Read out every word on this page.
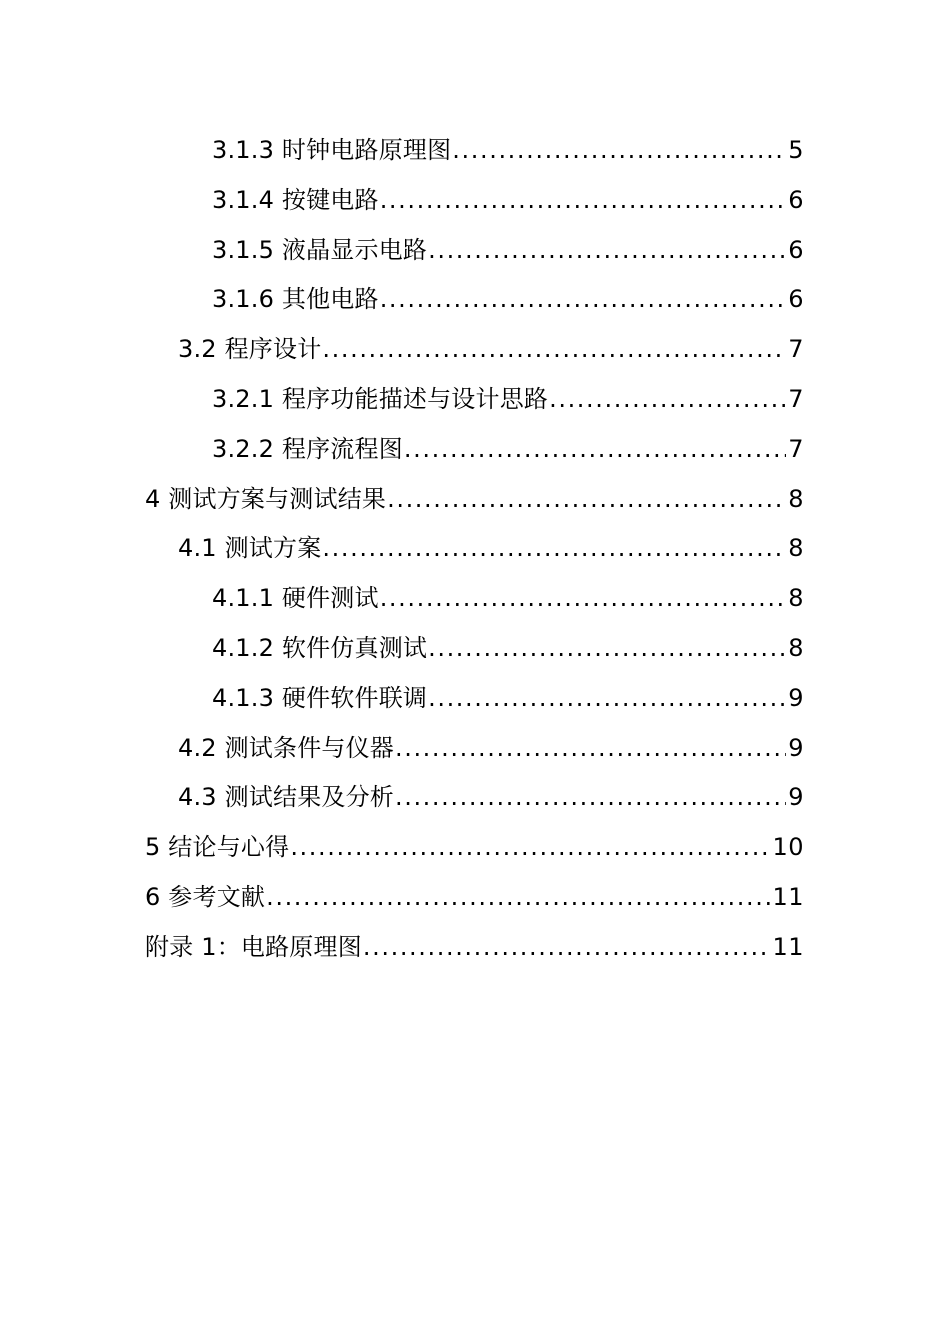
3.1.3 时钟电路原理图 .....	5
3.1.4 按键电路 .....	6
3.1.5 液晶显示电路 .....	6
3.1.6 其他电路 .....	6
3.2 程序设计 .....	7
3.2.1 程序功能描述与设计思路 .....	7
3.2.2 程序流程图 .....	7
4 测试方案与测试结果 .....	8
4.1 测试方案 .....	8
4.1.1 硬件测试 .....	8
4.1.2 软件仿真测试 .....	8
4.1.3 硬件软件联调 .....	9
4.2 测试条件与仪器 .....	9
4.3 测试结果及分析 .....	9
5 结论与心得 .....	10
6 参考文献 .....	11
附录 1：电路原理图 .....	11
